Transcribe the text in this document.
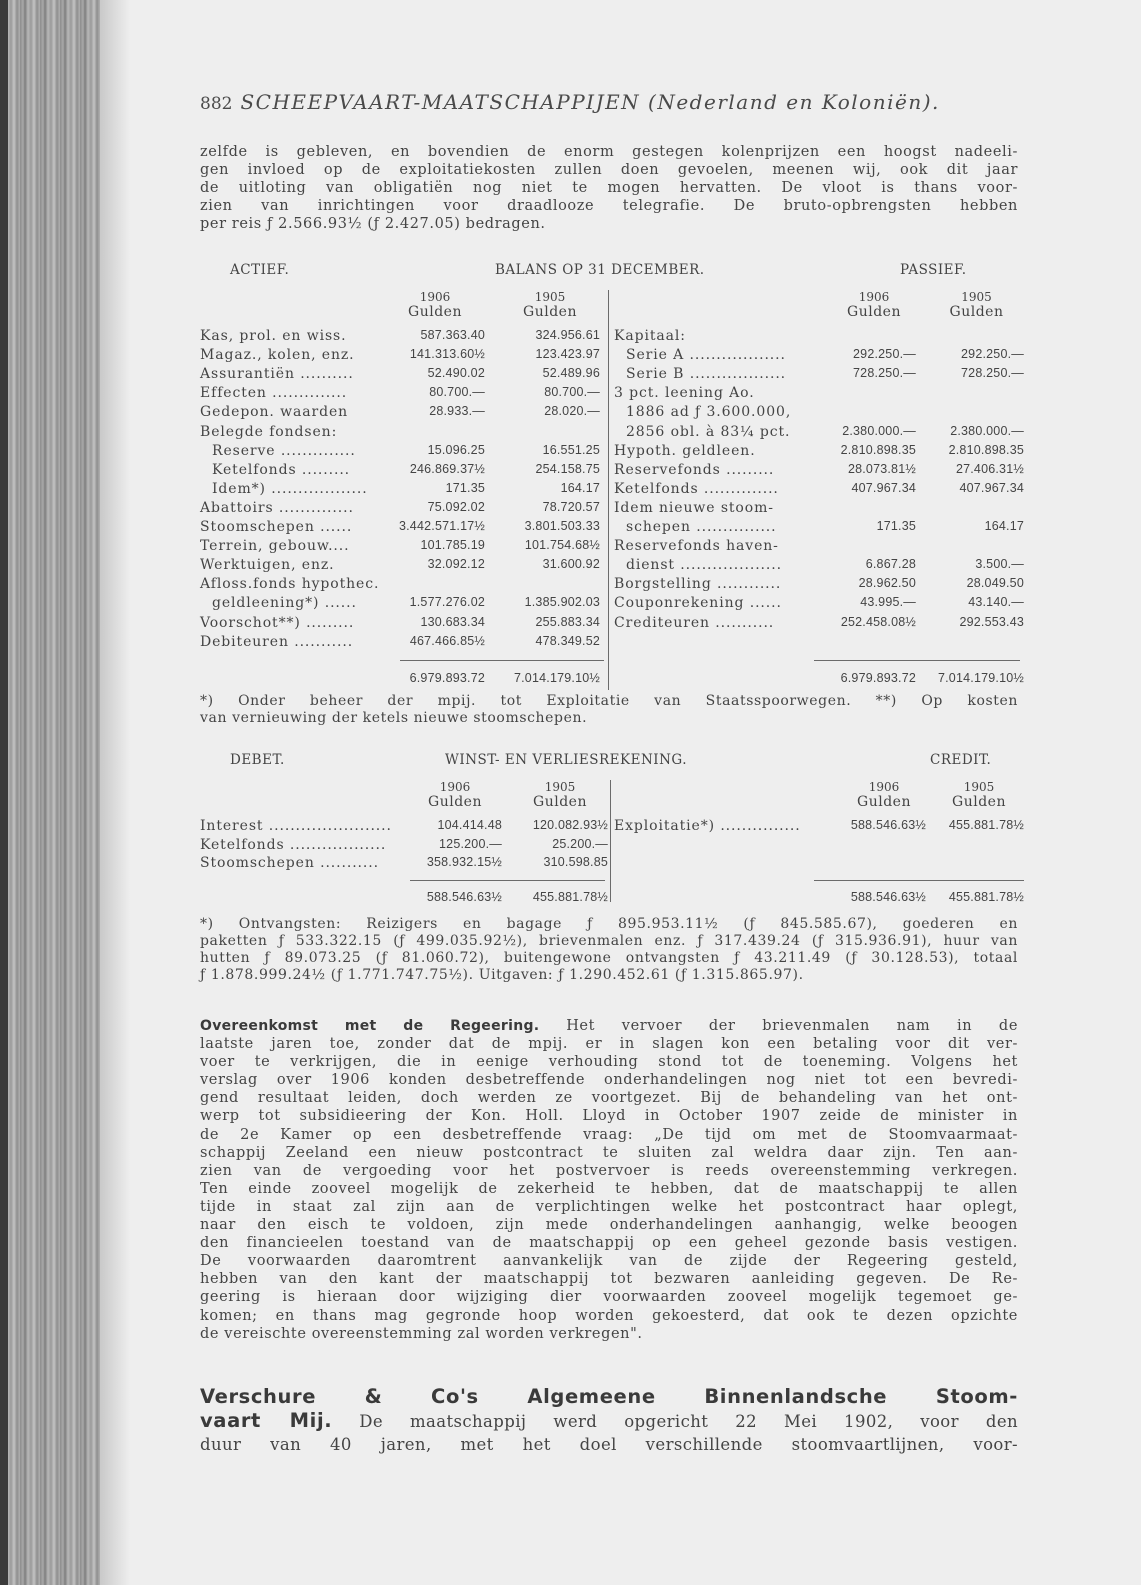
882 SCHEEPVAART-MAATSCHAPPIJEN (Nederland en Koloniën).
zelfde is gebleven, en bovendien de enorm gestegen kolenprijzen een hoogst nadeeli-
gen invloed op de exploitatiekosten zullen doen gevoelen, meenen wij, ook dit jaar
de uitloting van obligatiën nog niet te mogen hervatten. De vloot is thans voor-
zien van inrichtingen voor draadlooze telegrafie. De bruto-opbrengsten hebben
per reis ƒ 2.566.93½ (ƒ 2.427.05) bedragen.
ACTIEF.	BALANS OP 31 DECEMBER.	PASSIEF.
1906
Gulden
1905
Gulden
Kas, prol. en wiss.	587.363.40	324.956.61
Magaz., kolen, enz.	141.313.60½	123.423.97
Assurantiën ..........	52.490.02	52.489.96
Effecten ..............	80.700.—	80.700.—
Gedepon. waarden	28.933.—	28.020.—
Belegde fondsen:
Reserve ..............	15.096.25	16.551.25
Ketelfonds .........	246.869.37½	254.158.75
Idem*) ..................	171.35	164.17
Abattoirs ..............	75.092.02	78.720.57
Stoomschepen ......	3.442.571.17½	3.801.503.33
Terrein, gebouw....	101.785.19	101.754.68½
Werktuigen, enz.	32.092.12	31.600.92
Afloss.fonds hypothec.
geldleening*) ......	1.577.276.02	1.385.902.03
Voorschot**) .........	130.683.34	255.883.34
Debiteuren ...........	467.466.85½	478.349.52
6.979.893.72	7.014.179.10½
1906
Gulden
1905
Gulden
Kapitaal:
Serie A ..................	292.250.—	292.250.—
Serie B ..................	728.250.—	728.250.—
3 pct. leening Ao.
1886 ad ƒ 3.600.000,
2856 obl. à 83¼ pct.	2.380.000.—	2.380.000.—
Hypoth. geldleen.	2.810.898.35	2.810.898.35
Reservefonds .........	28.073.81½	27.406.31½
Ketelfonds ..............	407.967.34	407.967.34
Idem nieuwe stoom-
schepen ...............	171.35	164.17
Reservefonds haven-
dienst ...................	6.867.28	3.500.—
Borgstelling ............	28.962.50	28.049.50
Couponrekening ......	43.995.—	43.140.—
Crediteuren ...........	252.458.08½	292.553.43
6.979.893.72	7.014.179.10½
*) Onder beheer der mpij. tot Exploitatie van Staatsspoorwegen. **) Op kosten
van vernieuwing der ketels nieuwe stoomschepen.
DEBET.	WINST- EN VERLIESREKENING.	CREDIT.
1906
Gulden
1905
Gulden
Interest .......................	104.414.48	120.082.93½
Ketelfonds ..................	125.200.—	25.200.—
Stoomschepen ...........	358.932.15½	310.598.85
588.546.63½	455.881.78½
1906
Gulden
1905
Gulden
Exploitatie*) ...............	588.546.63½	455.881.78½
588.546.63½	455.881.78½
*) Ontvangsten: Reizigers en bagage ƒ 895.953.11½ (ƒ 845.585.67), goederen en
paketten ƒ 533.322.15 (ƒ 499.035.92½), brievenmalen enz. ƒ 317.439.24 (ƒ 315.936.91), huur van
hutten ƒ 89.073.25 (ƒ 81.060.72), buitengewone ontvangsten ƒ 43.211.49 (ƒ 30.128.53), totaal
ƒ 1.878.999.24½ (ƒ 1.771.747.75½). Uitgaven: ƒ 1.290.452.61 (ƒ 1.315.865.97).
Overeenkomst met de Regeering. Het vervoer der brievenmalen nam in de
laatste jaren toe, zonder dat de mpij. er in slagen kon een betaling voor dit ver-
voer te verkrijgen, die in eenige verhouding stond tot de toeneming. Volgens het
verslag over 1906 konden desbetreffende onderhandelingen nog niet tot een bevredi-
gend resultaat leiden, doch werden ze voortgezet. Bij de behandeling van het ont-
werp tot subsidieering der Kon. Holl. Lloyd in October 1907 zeide de minister in
de 2e Kamer op een desbetreffende vraag: „De tijd om met de Stoomvaarmaat-
schappij Zeeland een nieuw postcontract te sluiten zal weldra daar zijn. Ten aan-
zien van de vergoeding voor het postvervoer is reeds overeenstemming verkregen.
Ten einde zooveel mogelijk de zekerheid te hebben, dat de maatschappij te allen
tijde in staat zal zijn aan de verplichtingen welke het postcontract haar oplegt,
naar den eisch te voldoen, zijn mede onderhandelingen aanhangig, welke beoogen
den financieelen toestand van de maatschappij op een geheel gezonde basis vestigen.
De voorwaarden daaromtrent aanvankelijk van de zijde der Regeering gesteld,
hebben van den kant der maatschappij tot bezwaren aanleiding gegeven. De Re-
geering is hieraan door wijziging dier voorwaarden zooveel mogelijk tegemoet ge-
komen; en thans mag gegronde hoop worden gekoesterd, dat ook te dezen opzichte
de vereischte overeenstemming zal worden verkregen".
Verschure & Co's Algemeene Binnenlandsche Stoom-
vaart Mij. De maatschappij werd opgericht 22 Mei 1902, voor den
duur van 40 jaren, met het doel verschillende stoomvaartlijnen, voor-
